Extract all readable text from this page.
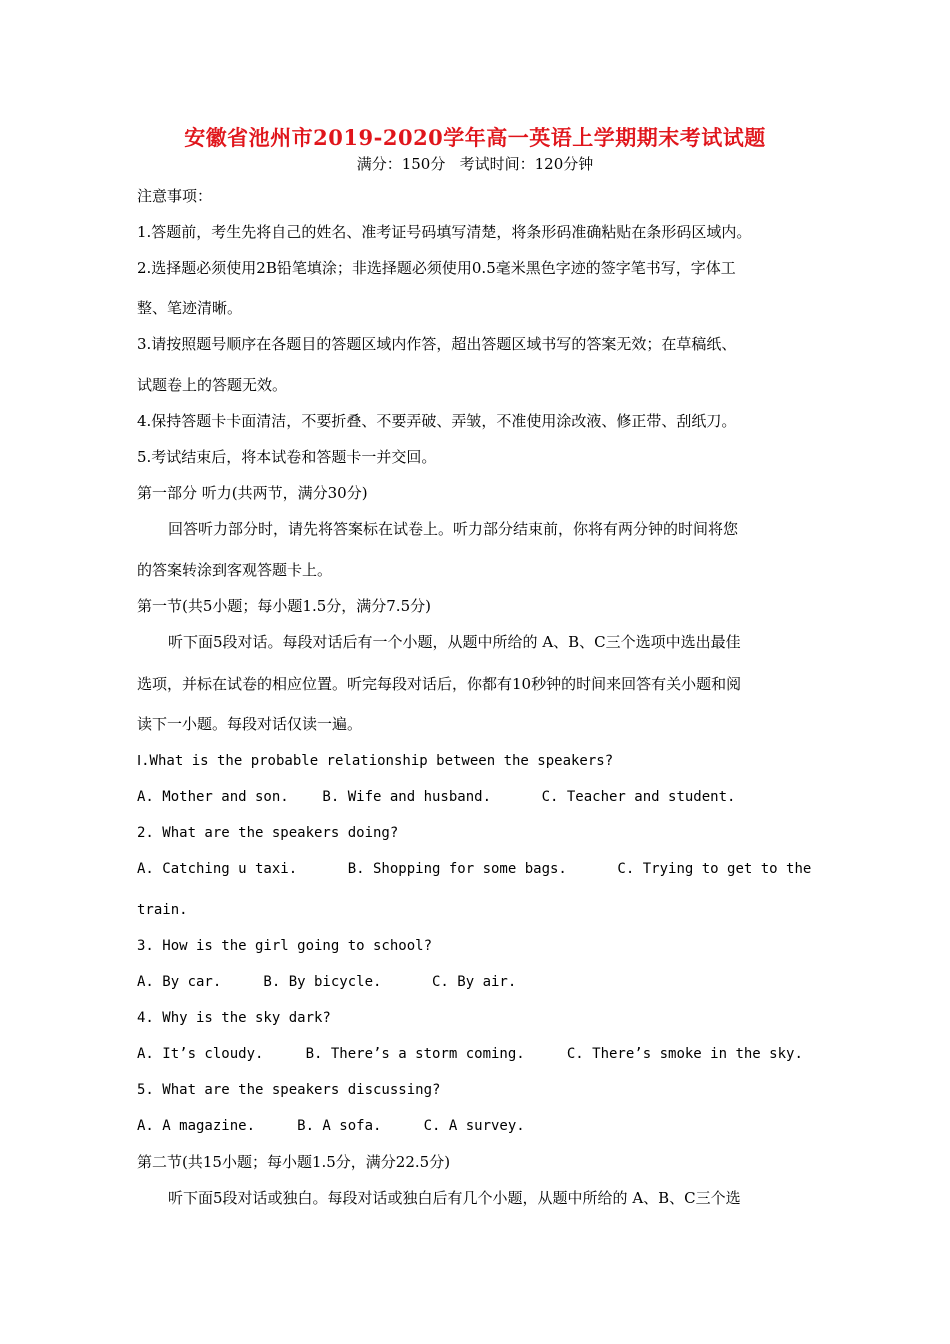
安徽省池州市2019-2020学年高一英语上学期期末考试试题
满分：150分   考试时间：120分钟
注意事项：
1.答题前，考生先将自己的姓名、准考证号码填写清楚，将条形码准确粘贴在条形码区域内。
2.选择题必须使用2B铅笔填涂；非选择题必须使用0.5毫米黑色字迹的签字笔书写，字体工
整、笔迹清晰。
3.请按照题号顺序在各题目的答题区域内作答，超出答题区域书写的答案无效；在草稿纸、
试题卷上的答题无效。
4.保持答题卡卡面清洁，不要折叠、不要弄破、弄皱，不准使用涂改液、修正带、刮纸刀。
5.考试结束后，将本试卷和答题卡一并交回。
第一部分 听力(共两节，满分30分)
回答听力部分时，请先将答案标在试卷上。听力部分结束前，你将有两分钟的时间将您
的答案转涂到客观答题卡上。
第一节(共5小题；每小题1.5分，满分7.5分)
听下面5段对话。每段对话后有一个小题，从题中所给的 A、B、C三个选项中选出最佳
选项，并标在试卷的相应位置。听完每段对话后，你都有10秒钟的时间来回答有关小题和阅
读下一小题。每段对话仅读一遍。
Ⅰ.What is the probable relationship between the speakers?
A. Mother and son.    B. Wife and husband.      C. Teacher and student.
2. What are the speakers doing?
A. Catching u taxi.      B. Shopping for some bags.      C. Trying to get to the
train.
3. How is the girl going to school?
A. By car.     B. By bicycle.      C. By air.
4. Why is the sky dark?
A. It’s cloudy.     B. There’s a storm coming.     C. There’s smoke in the sky.
5. What are the speakers discussing?
A. A magazine.     B. A sofa.     C. A survey.
第二节(共15小题；每小题1.5分，满分22.5分)
听下面5段对话或独白。每段对话或独白后有几个小题，从题中所给的 A、B、C三个选
